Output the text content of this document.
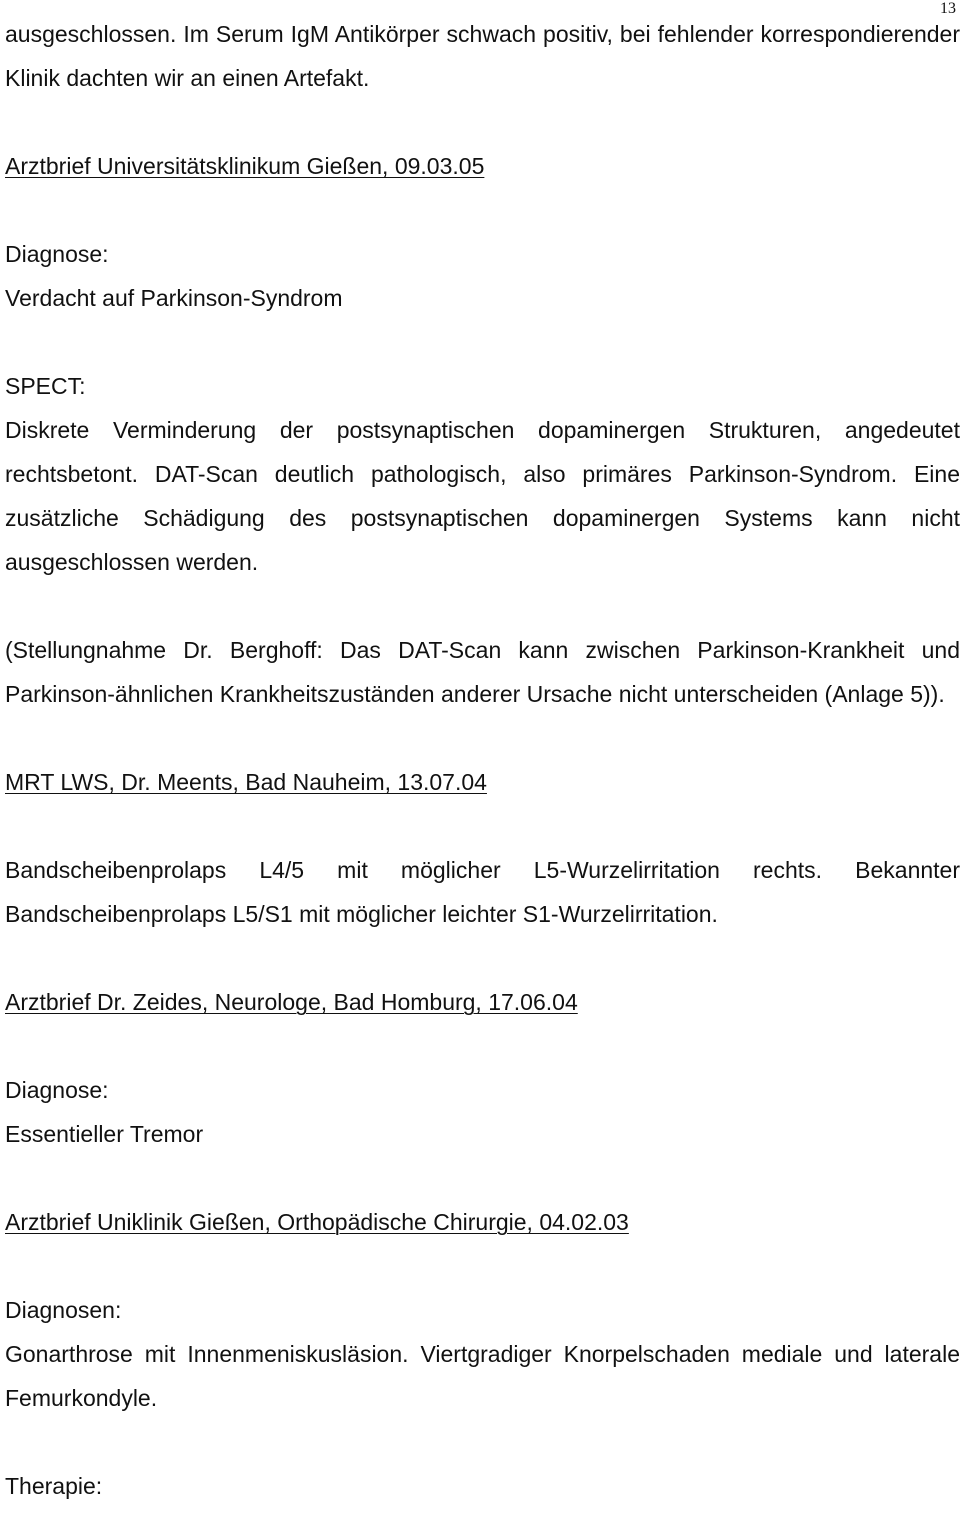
13

ausgeschlossen. Im Serum IgM Antikörper schwach positiv, bei fehlender korrespondierender Klinik dachten wir an einen Artefakt.

Arztbrief Universitätsklinikum Gießen, 09.03.05

Diagnose:

Verdacht auf Parkinson-Syndrom

SPECT:

Diskrete Verminderung der postsynaptischen dopaminergen Strukturen, angedeutet rechtsbetont. DAT-Scan deutlich pathologisch, also primäres Parkinson-Syndrom. Eine zusätzliche Schädigung des postsynaptischen dopaminergen Systems kann nicht ausgeschlossen werden.

(Stellungnahme Dr. Berghoff: Das DAT-Scan kann zwischen Parkinson-Krankheit und Parkinson-ähnlichen Krankheitszuständen anderer Ursache nicht unterscheiden (Anlage 5)).

MRT LWS, Dr. Meents, Bad Nauheim, 13.07.04

Bandscheibenprolaps L4/5 mit möglicher L5-Wurzelirritation rechts. Bekannter Bandscheibenprolaps L5/S1 mit möglicher leichter S1-Wurzelirritation.

Arztbrief Dr. Zeides, Neurologe, Bad Homburg, 17.06.04

Diagnose:

Essentieller Tremor

Arztbrief Uniklinik Gießen, Orthopädische Chirurgie, 04.02.03

Diagnosen:

Gonarthrose mit Innenmeniskusläsion. Viertgradiger Knorpelschaden mediale und laterale Femurkondyle.

Therapie:
